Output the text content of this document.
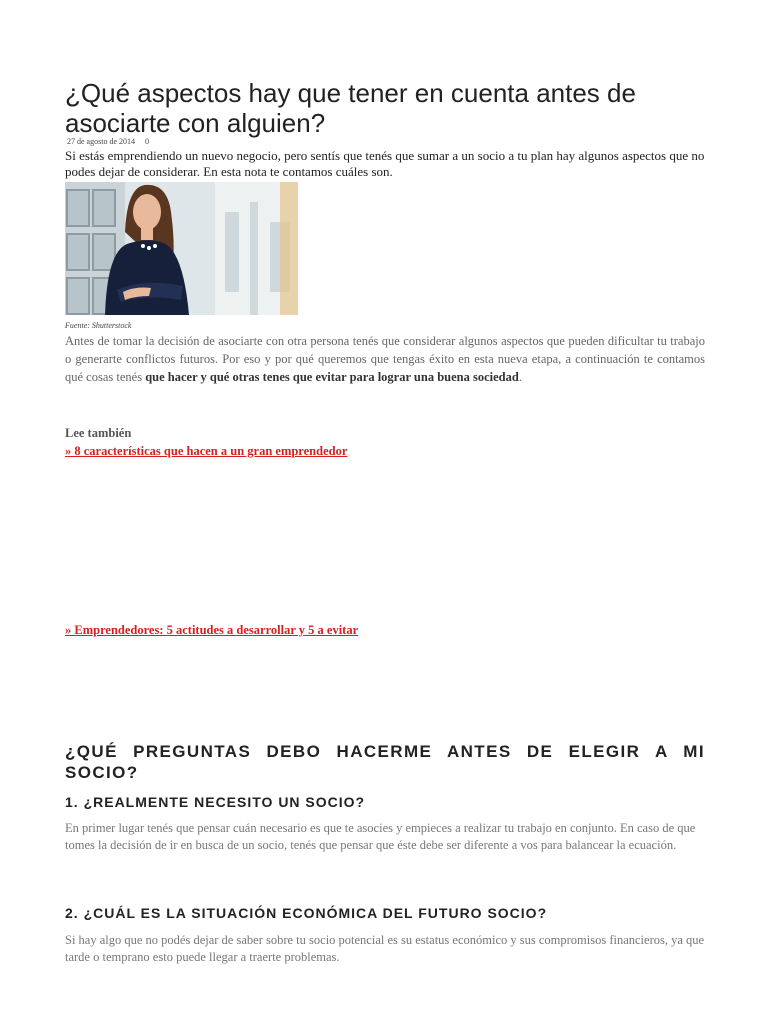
¿Qué aspectos hay que tener en cuenta antes de asociarte con alguien?
27 de agosto de 2014 0

Si estás emprendiendo un nuevo negocio, pero sentís que tenés que sumar a un socio a tu plan hay algunos aspectos que no podes dejar de considerar. En esta nota te contamos cuáles son.

Fuente: Shutterstock

Antes de tomar la decisión de asociarte con otra persona tenés que considerar algunos aspectos que pueden dificultar tu trabajo o generarte conflictos futuros. Por eso y por qué queremos que tengas éxito en esta nueva etapa, a continuación te contamos qué cosas tenés que hacer y qué otras tenes que evitar para lograr una buena sociedad.

Lee también
» 8 características que hacen a un gran emprendedor
» Emprendedores: 5 actitudes a desarrollar y 5 a evitar
¿QUÉ PREGUNTAS DEBO HACERME ANTES DE ELEGIR A MI SOCIO?
1. ¿REALMENTE NECESITO UN SOCIO?

En primer lugar tenés que pensar cuán necesario es que te asocies y empieces a realizar tu trabajo en conjunto. En caso de que tomes la decisión de ir en busca de un socio, tenés que pensar que éste debe ser diferente a vos para balancear la ecuación.

2. ¿CUÁL ES LA SITUACIÓN ECONÓMICA DEL FUTURO SOCIO?

Si hay algo que no podés dejar de saber sobre tu socio potencial es su estatus económico y sus compromisos financieros, ya que tarde o temprano esto puede llegar a traerte problemas.
